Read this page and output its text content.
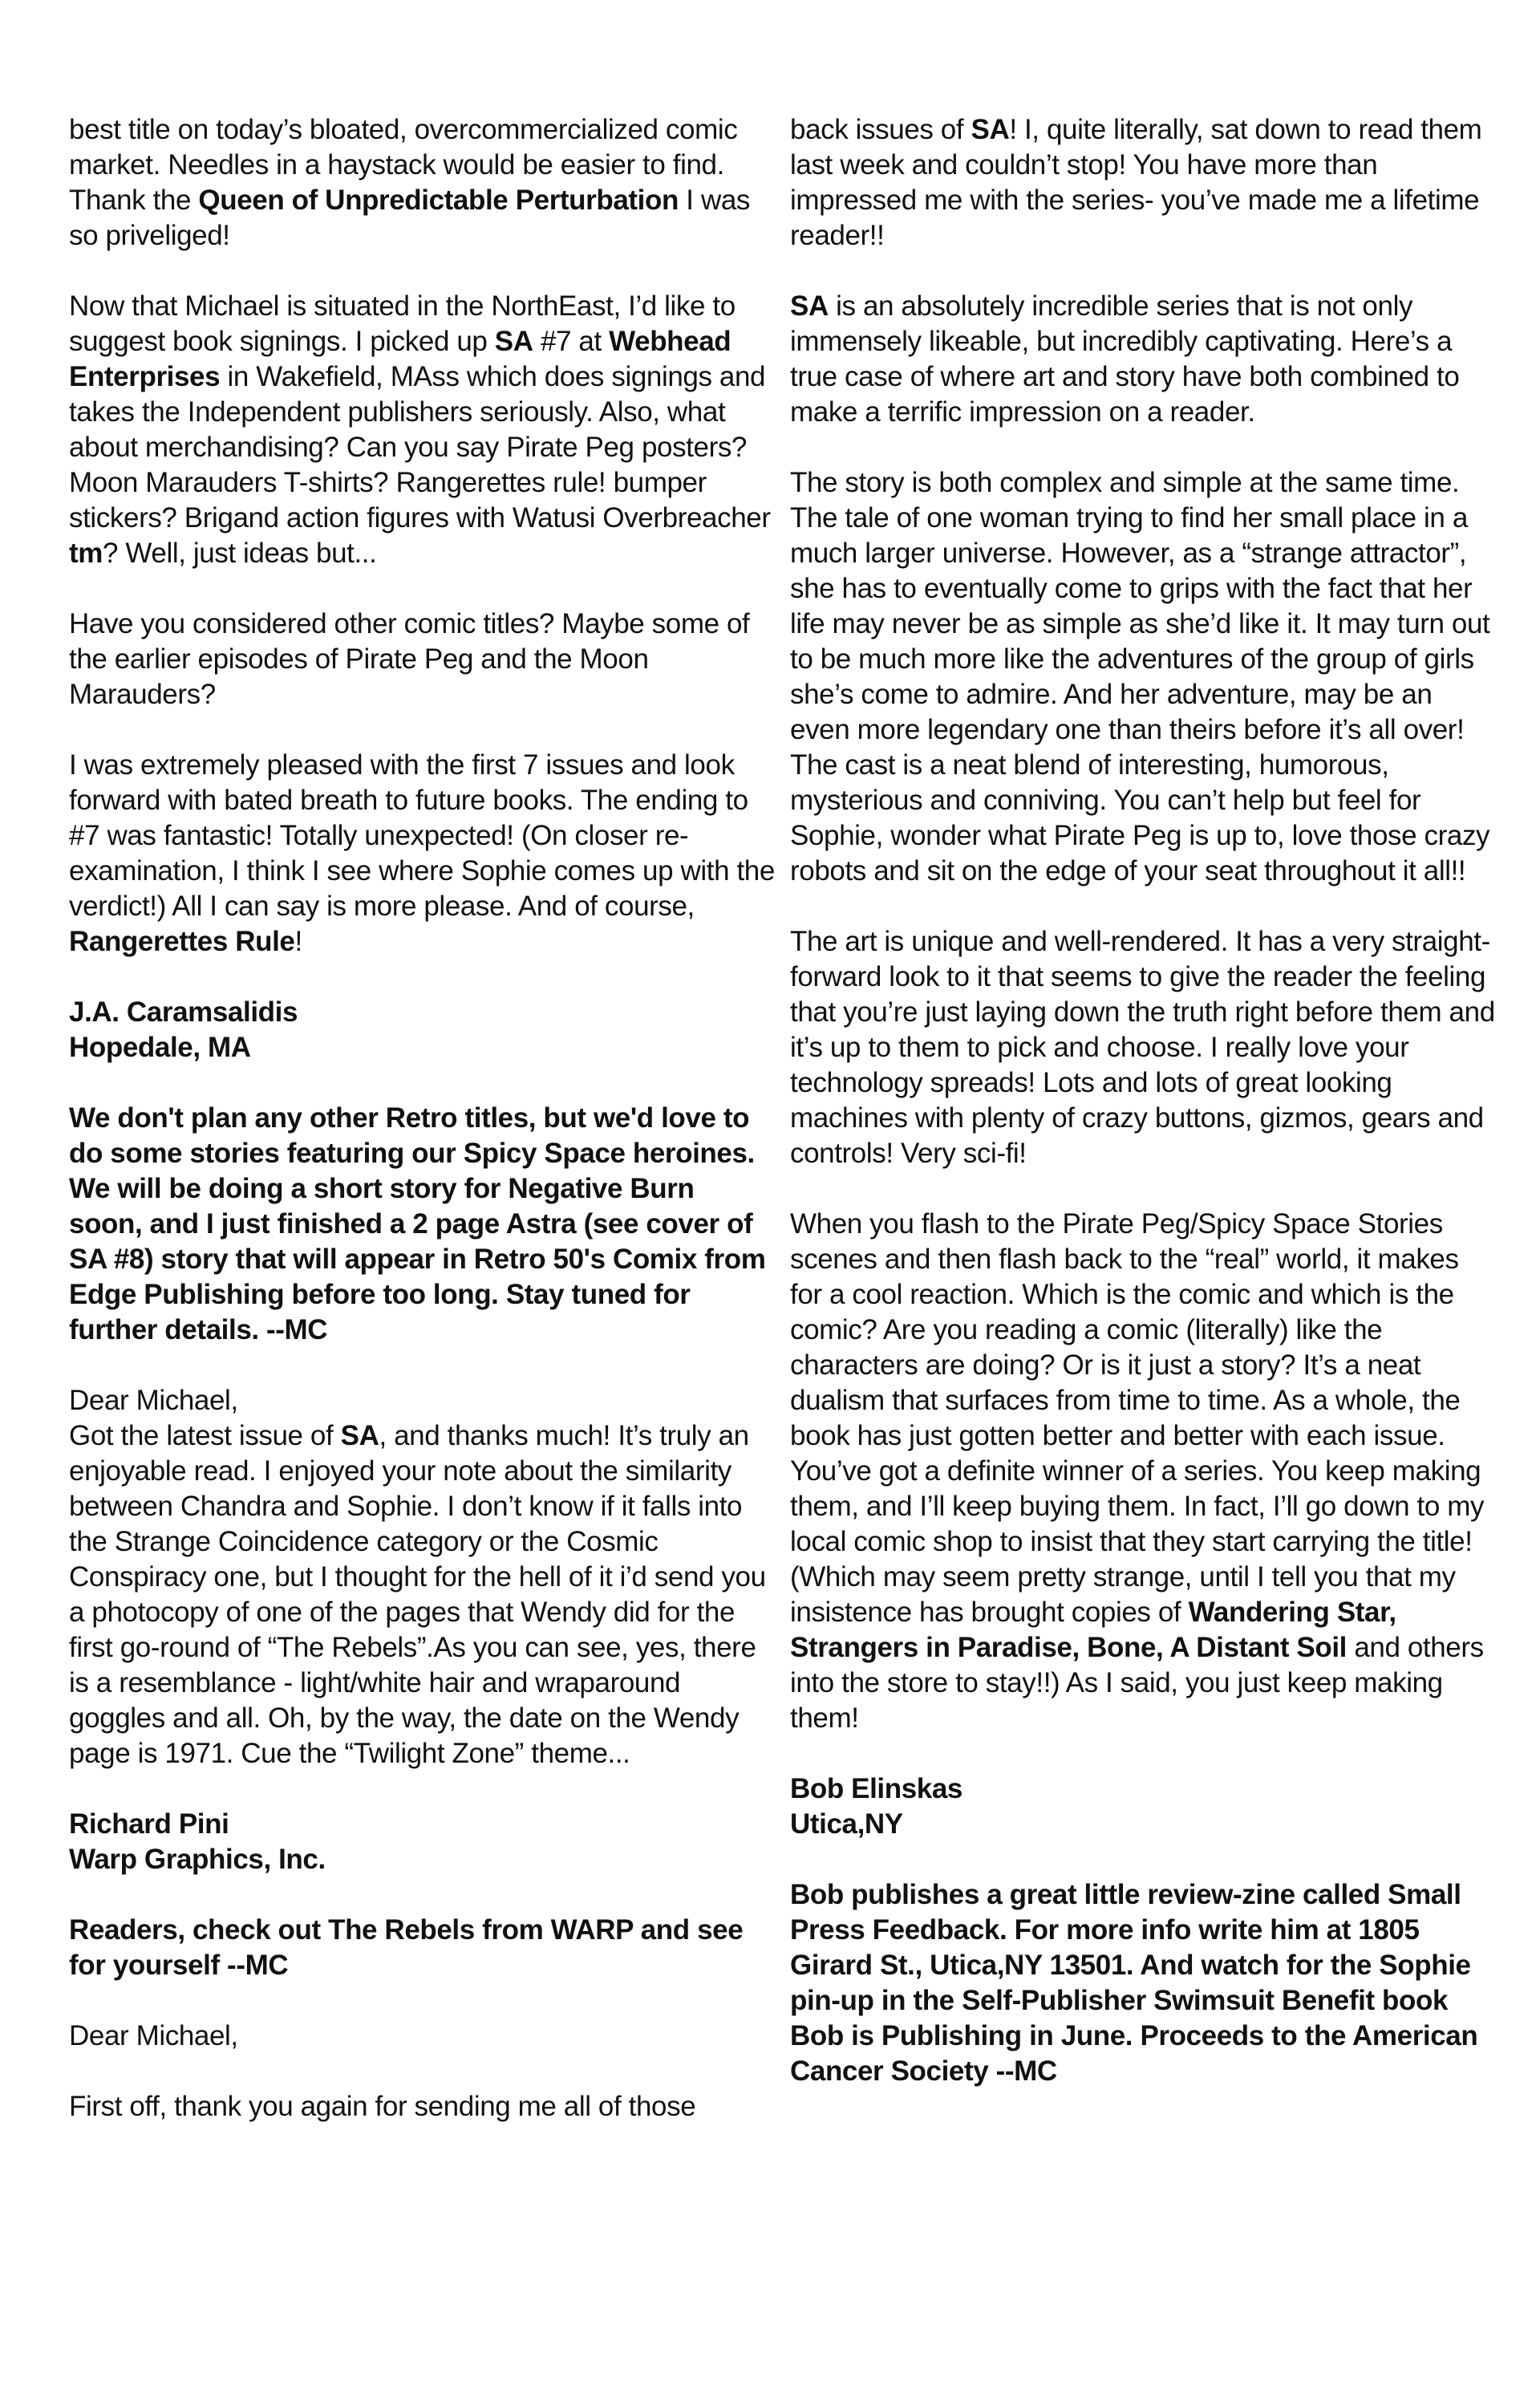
best title on today’s bloated, overcommercialized comic market. Needles in a haystack would be easier to find. Thank the Queen of Unpredictable Perturbation I was so priveliged!

Now that Michael is situated in the NorthEast, I’d like to suggest book signings. I picked up SA #7 at Webhead Enterprises in Wakefield, MAss which does signings and takes the Independent publishers seriously. Also, what about merchandising? Can you say Pirate Peg posters? Moon Marauders T-shirts? Rangerettes rule! bumper stickers? Brigand action figures with Watusi Overbreacher tm? Well, just ideas but...

Have you considered other comic titles? Maybe some of the earlier episodes of Pirate Peg and the Moon Marauders?

I was extremely pleased with the first 7 issues and look forward with bated breath to future books. The ending to #7 was fantastic! Totally unexpected! (On closer re-examination, I think I see where Sophie comes up with the verdict!) All I can say is more please. And of course, Rangerettes Rule!

J.A. Caramsalidis
Hopedale, MA

We don't plan any other Retro titles, but we'd love to do some stories featuring our Spicy Space heroines. We will be doing a short story for Negative Burn soon, and I just finished a 2 page Astra (see cover of SA #8) story that will appear in Retro 50's Comix from Edge Publishing before too long. Stay tuned for further details. --MC

Dear Michael,
Got the latest issue of SA, and thanks much! It’s truly an enjoyable read. I enjoyed your note about the similarity between Chandra and Sophie. I don’t know if it falls into the Strange Coincidence category or the Cosmic Conspiracy one, but I thought for the hell of it i’d send you a photocopy of one of the pages that Wendy did for the first go-round of “The Rebels”.As you can see, yes, there is a resemblance - light/white hair and wraparound goggles and all. Oh, by the way, the date on the Wendy page is 1971. Cue the “Twilight Zone” theme...

Richard Pini
Warp Graphics, Inc.

Readers, check out The Rebels from WARP and see for yourself --MC

Dear Michael,

First off, thank you again for sending me all of those

back issues of SA! I, quite literally, sat down to read them last week and couldn’t stop! You have more than impressed me with the series- you’ve made me a lifetime reader!!

SA is an absolutely incredible series that is not only immensely likeable, but incredibly captivating. Here’s a true case of where art and story have both combined to make a terrific impression on a reader.

The story is both complex and simple at the same time. The tale of one woman trying to find her small place in a much larger universe. However, as a “strange attractor”, she has to eventually come to grips with the fact that her life may never be as simple as she’d like it. It may turn out to be much more like the adventures of the group of girls she’s come to admire. And her adventure, may be an even more legendary one than theirs before it’s all over! The cast is a neat blend of interesting, humorous, mysterious and conniving. You can’t help but feel for Sophie, wonder what Pirate Peg is up to, love those crazy robots and sit on the edge of your seat throughout it all!!

The art is unique and well-rendered. It has a very straight-forward look to it that seems to give the reader the feeling that you’re just laying down the truth right before them and it’s up to them to pick and choose. I really love your technology spreads! Lots and lots of great looking machines with plenty of crazy buttons, gizmos, gears and controls! Very sci-fi!

When you flash to the Pirate Peg/Spicy Space Stories scenes and then flash back to the “real” world, it makes for a cool reaction. Which is the comic and which is the comic? Are you reading a comic (literally) like the characters are doing? Or is it just a story? It’s a neat dualism that surfaces from time to time. As a whole, the book has just gotten better and better with each issue. You’ve got a definite winner of a series. You keep making them, and I’ll keep buying them. In fact, I’ll go down to my local comic shop to insist that they start carrying the title! (Which may seem pretty strange, until I tell you that my insistence has brought copies of Wandering Star, Strangers in Paradise, Bone, A Distant Soil and others into the store to stay!!) As I said, you just keep making them!

Bob Elinskas
Utica,NY

Bob publishes a great little review-zine called Small Press Feedback. For more info write him at 1805 Girard St., Utica,NY 13501. And watch for the Sophie pin-up in the Self-Publisher Swimsuit Benefit book Bob is Publishing in June. Proceeds to the American Cancer Society --MC
